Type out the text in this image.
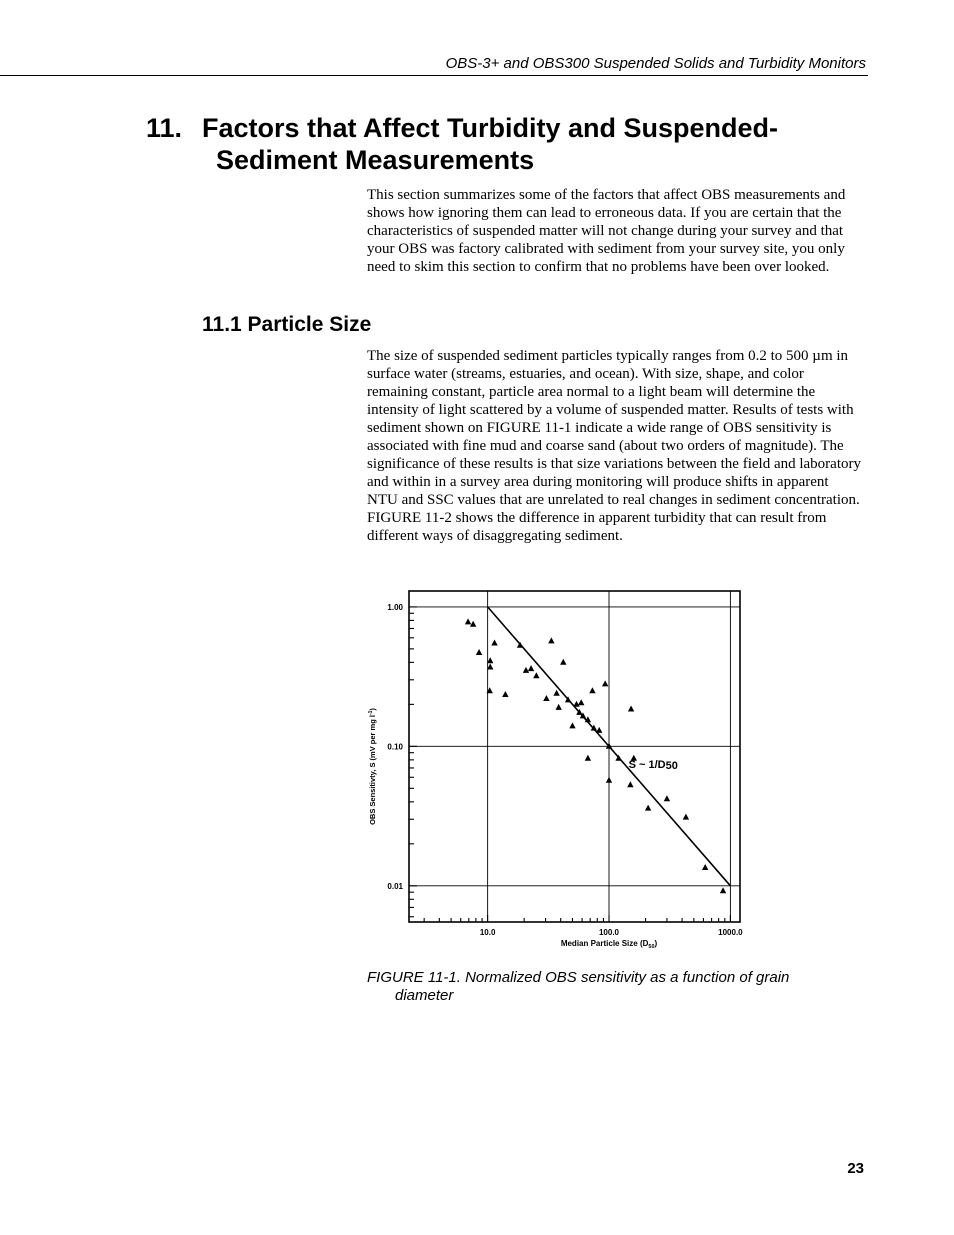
OBS-3+ and OBS300 Suspended Solids and Turbidity Monitors
11. Factors that Affect Turbidity and Suspended-
Sediment Measurements

This section summarizes some of the factors that affect OBS measurements and shows how ignoring them can lead to erroneous data. If you are certain that the characteristics of suspended matter will not change during your survey and that your OBS was factory calibrated with sediment from your survey site, you only need to skim this section to confirm that no problems have been over looked.

11.1 Particle Size

The size of suspended sediment particles typically ranges from 0.2 to 500 µm in surface water (streams, estuaries, and ocean). With size, shape, and color remaining constant, particle area normal to a light beam will determine the intensity of light scattered by a volume of suspended matter. Results of tests with sediment shown on FIGURE 11-1 indicate a wide range of OBS sensitivity is associated with fine mud and coarse sand (about two orders of magnitude). The significance of these results is that size variations between the field and laboratory and within in a survey area during monitoring will produce shifts in apparent NTU and SSC values that are unrelated to real changes in sediment concentration. FIGURE 11-2 shows the difference in apparent turbidity that can result from different ways of disaggregating sediment.

10.0	100.0	1000.0
0.01
0.10
1.00
S ~ 1/D50
Median Particle Size $(D_{50})$
OBS Sensitivty, S (mV per mg $l^{-1}$)

FIGURE 11-1. Normalized OBS sensitivity as a function of grain
diameter

23
